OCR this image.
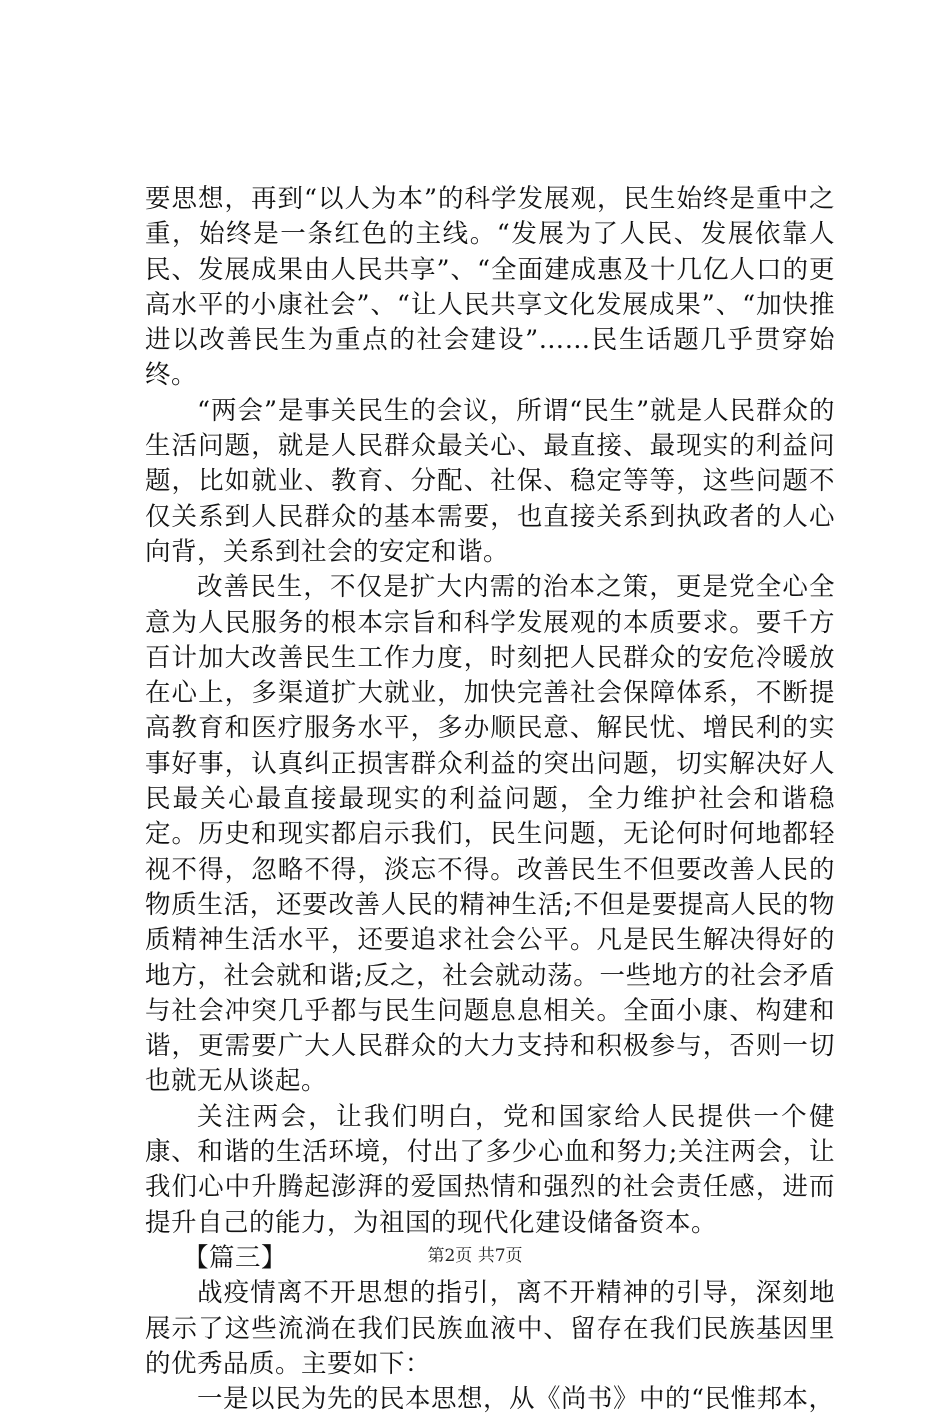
要思想，再到“以人为本”的科学发展观，民生始终是重中之重，始终是一条红色的主线。“发展为了人民、发展依靠人民、发展成果由人民共享”、“全面建成惠及十几亿人口的更高水平的小康社会”、“让人民共享文化发展成果”、“加快推进以改善民生为重点的社会建设”……民生话题几乎贯穿始终。

“两会”是事关民生的会议，所谓“民生”就是人民群众的生活问题，就是人民群众最关心、最直接、最现实的利益问题，比如就业、教育、分配、社保、稳定等等，这些问题不仅关系到人民群众的基本需要，也直接关系到执政者的人心向背，关系到社会的安定和谐。

改善民生，不仅是扩大内需的治本之策，更是党全心全意为人民服务的根本宗旨和科学发展观的本质要求。要千方百计加大改善民生工作力度，时刻把人民群众的安危冷暖放在心上，多渠道扩大就业，加快完善社会保障体系，不断提高教育和医疗服务水平，多办顺民意、解民忧、增民利的实事好事，认真纠正损害群众利益的突出问题，切实解决好人民最关心最直接最现实的利益问题，全力维护社会和谐稳定。历史和现实都启示我们，民生问题，无论何时何地都轻视不得，忽略不得，淡忘不得。改善民生不但要改善人民的物质生活，还要改善人民的精神生活;不但是要提高人民的物质精神生活水平，还要追求社会公平。凡是民生解决得好的地方，社会就和谐;反之，社会就动荡。一些地方的社会矛盾与社会冲突几乎都与民生问题息息相关。全面小康、构建和谐，更需要广大人民群众的大力支持和积极参与，否则一切也就无从谈起。

关注两会，让我们明白，党和国家给人民提供一个健康、和谐的生活环境，付出了多少心血和努力;关注两会，让我们心中升腾起澎湃的爱国热情和强烈的社会责任感，进而提升自己的能力，为祖国的现代化建设储备资本。

【篇三】

战疫情离不开思想的指引，离不开精神的引导，深刻地展示了这些流淌在我们民族血液中、留存在我们民族基因里的优秀品质。主要如下：

一是以民为先的民本思想，从《尚书》中的“民惟邦本，

第2页 共7页
